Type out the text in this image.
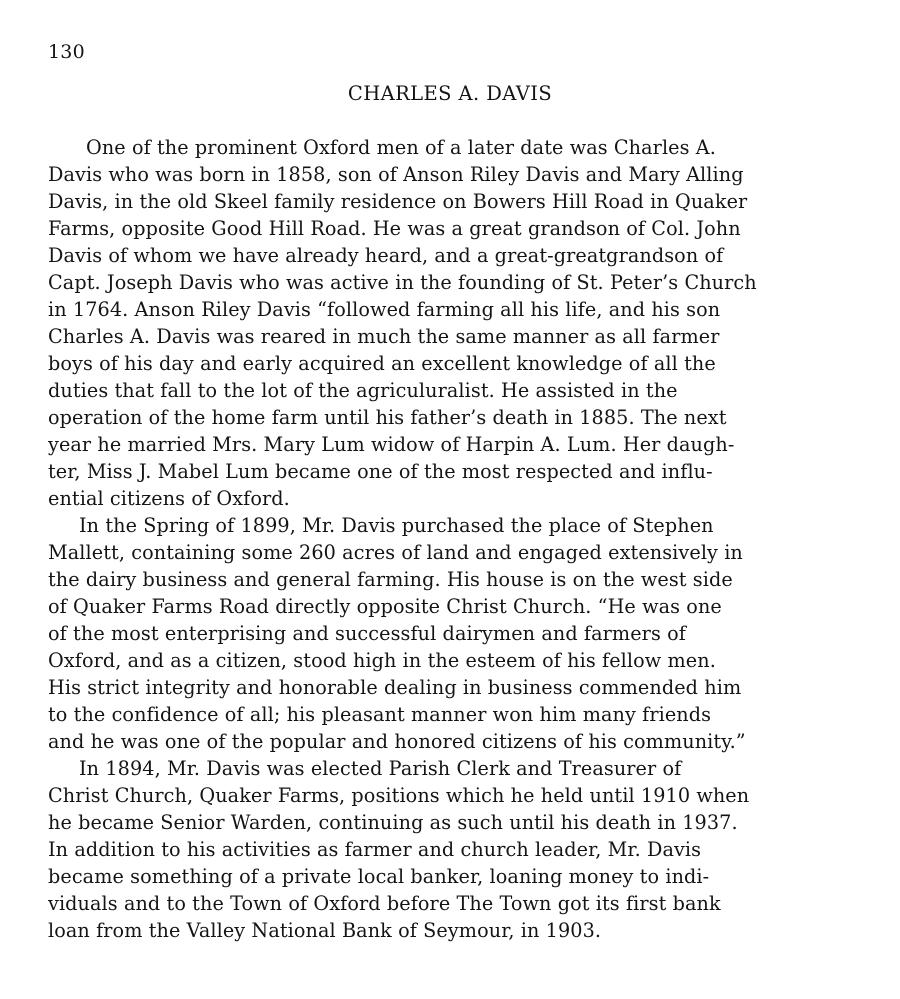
130
CHARLES A. DAVIS

One of the prominent Oxford men of a later date was Charles A.
Davis who was born in 1858, son of Anson Riley Davis and Mary Alling
Davis, in the old Skeel family residence on Bowers Hill Road in Quaker
Farms, opposite Good Hill Road. He was a great grandson of Col. John
Davis of whom we have already heard, and a great-greatgrandson of
Capt. Joseph Davis who was active in the founding of St. Peter’s Church
in 1764. Anson Riley Davis “followed farming all his life, and his son
Charles A. Davis was reared in much the same manner as all farmer
boys of his day and early acquired an excellent knowledge of all the
duties that fall to the lot of the agriculuralist. He assisted in the
operation of the home farm until his father’s death in 1885. The next
year he married Mrs. Mary Lum widow of Harpin A. Lum. Her daugh-
ter, Miss J. Mabel Lum became one of the most respected and influ-
ential citizens of Oxford.

In the Spring of 1899, Mr. Davis purchased the place of Stephen
Mallett, containing some 260 acres of land and engaged extensively in
the dairy business and general farming. His house is on the west side
of Quaker Farms Road directly opposite Christ Church. “He was one
of the most enterprising and successful dairymen and farmers of
Oxford, and as a citizen, stood high in the esteem of his fellow men.
His strict integrity and honorable dealing in business commended him
to the confidence of all; his pleasant manner won him many friends
and he was one of the popular and honored citizens of his community.”

In 1894, Mr. Davis was elected Parish Clerk and Treasurer of
Christ Church, Quaker Farms, positions which he held until 1910 when
he became Senior Warden, continuing as such until his death in 1937.
In addition to his activities as farmer and church leader, Mr. Davis
became something of a private local banker, loaning money to indi-
viduals and to the Town of Oxford before The Town got its first bank
loan from the Valley National Bank of Seymour, in 1903.
